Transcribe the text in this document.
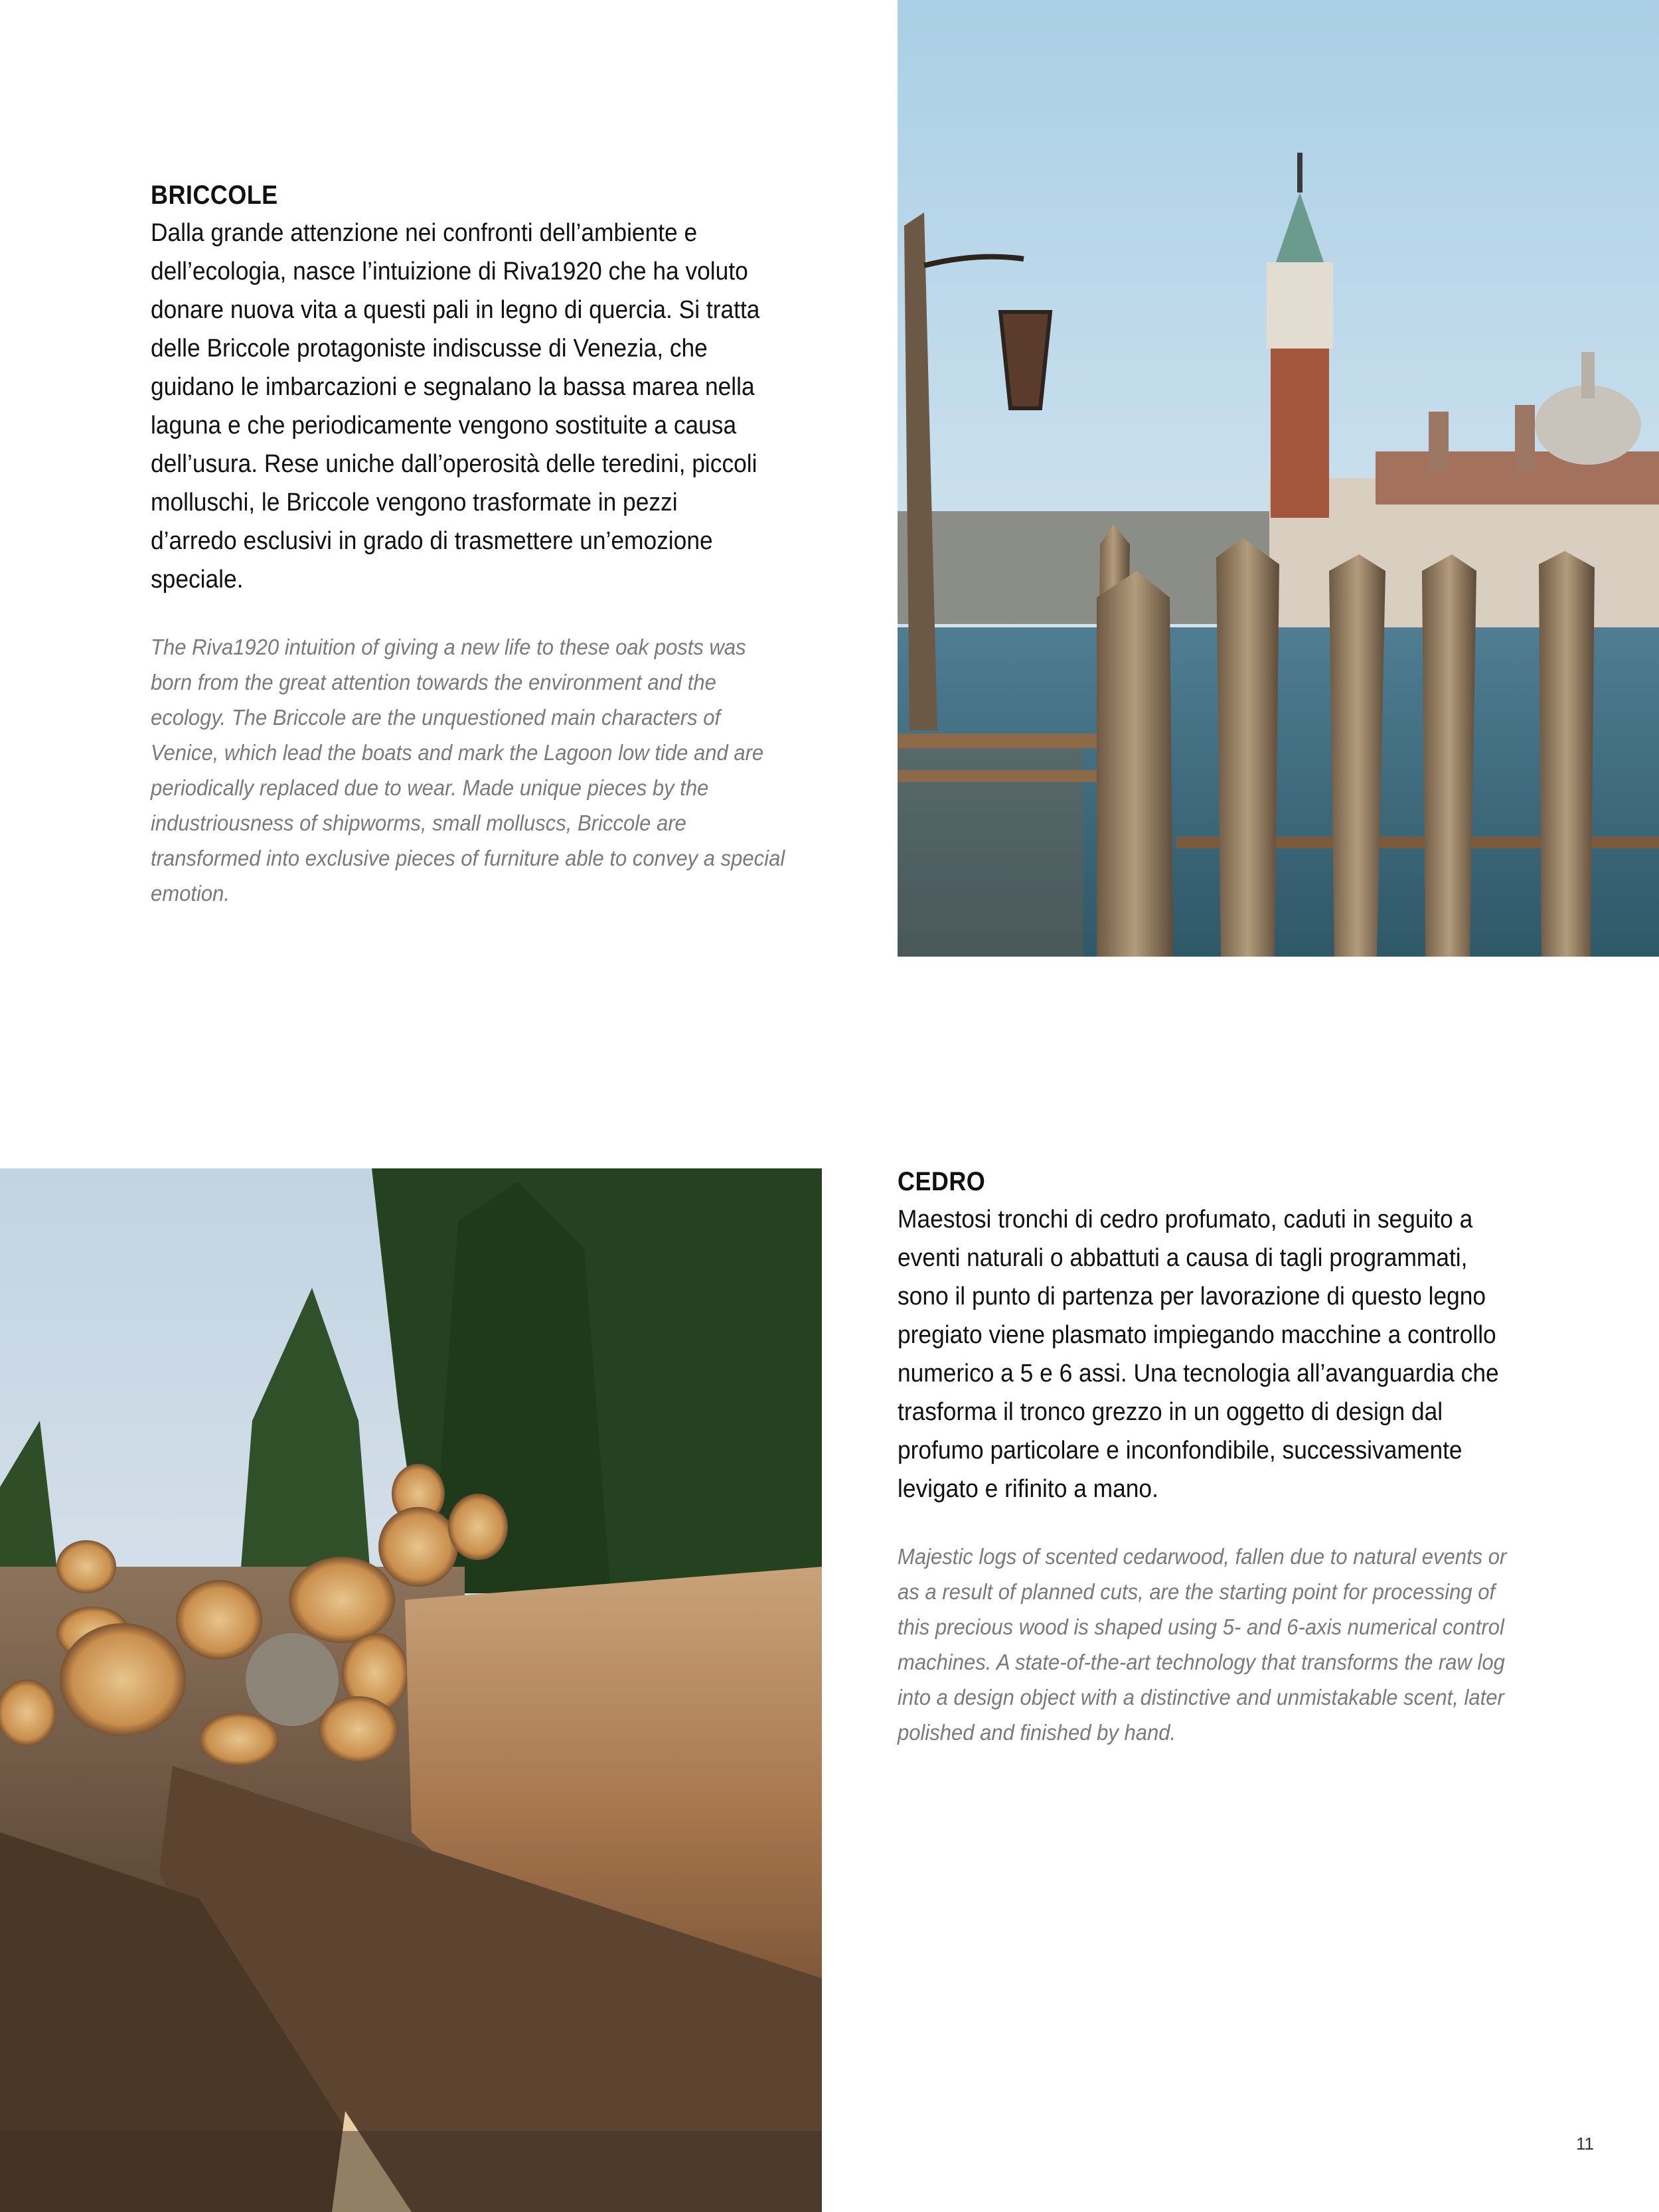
BRICCOLE

Dalla grande attenzione nei confronti dell’ambiente e dell’ecologia, nasce l’intuizione di Riva1920 che ha voluto donare nuova vita a questi pali in legno di quercia. Si tratta delle Briccole protagoniste indiscusse di Venezia, che guidano le imbarcazioni e segnalano la bassa marea nella laguna e che periodicamente vengono sostituite a causa dell’usura. Rese uniche dall’operosità delle teredini, piccoli molluschi, le Briccole vengono trasformate in pezzi d’arredo esclusivi in grado di trasmettere un’emozione speciale.

The Riva1920 intuition of giving a new life to these oak posts was born from the great attention towards the environment and the ecology. The Briccole are the unquestioned main characters of Venice, which lead the boats and mark the Lagoon low tide and are periodically replaced due to wear. Made unique pieces by the industriousness of shipworms, small molluscs, Briccole are transformed into exclusive pieces of furniture able to convey a special emotion.

CEDRO

Maestosi tronchi di cedro profumato, caduti in seguito a eventi naturali o abbattuti a causa di tagli programmati, sono il punto di partenza per lavorazione di questo legno pregiato viene plasmato impiegando macchine a controllo numerico a 5 e 6 assi. Una tecnologia all’avanguardia che trasforma il tronco grezzo in un oggetto di design dal profumo particolare e inconfondibile, successivamente levigato e rifinito a mano.

Majestic logs of scented cedarwood, fallen due to natural events or as a result of planned cuts, are the starting point for processing of this precious wood is shaped using 5- and 6-axis numerical control machines. A state-of-the-art technology that transforms the raw log into a design object with a distinctive and unmistakable scent, later polished and finished by hand.

11
